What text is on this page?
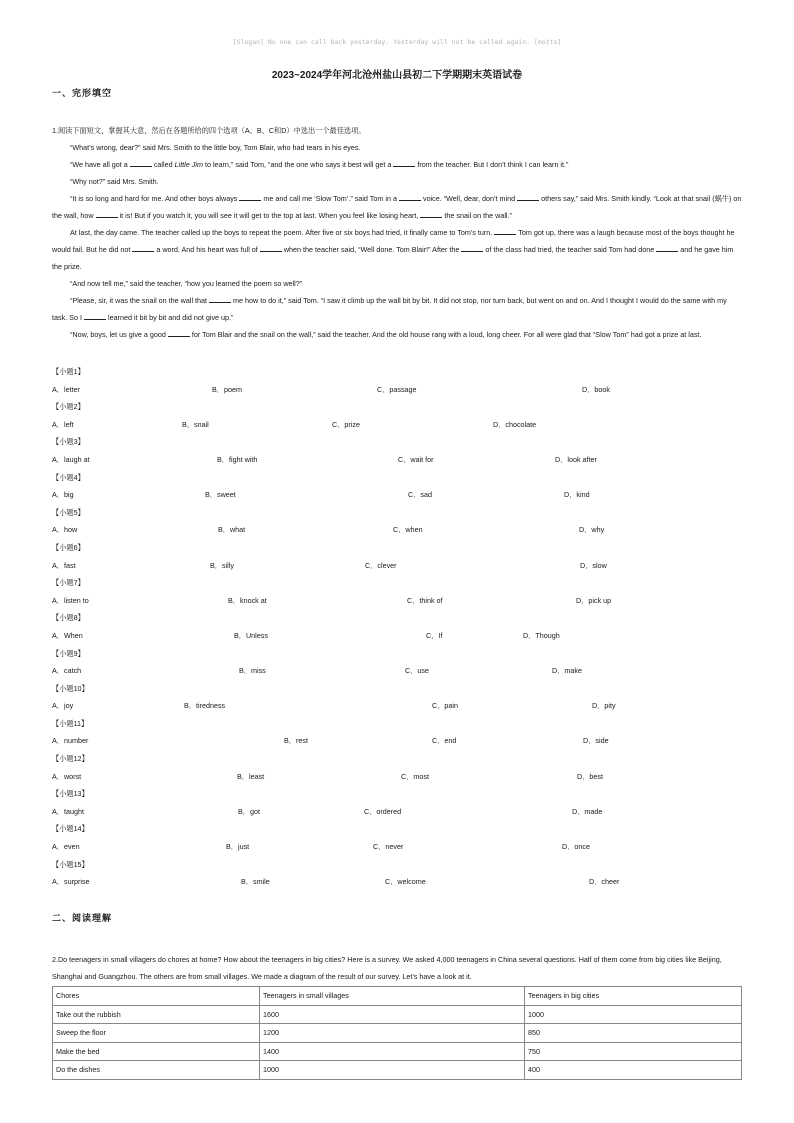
[Slogan] No one can call back yesterday. Yesterday will not be called again. [motto]
2023~2024学年河北沧州盐山县初二下学期期末英语试卷
一、完形填空

1.阅读下面短文，掌握其大意，然后在各题所给的四个选项（A、B、C和D）中选出一个最佳选项。

“What’s wrong, dear?” said Mrs. Smith to the little boy, Tom Blair, who had tears in his eyes.

“We have all got a	called Little Jim to learn,” said Tom, “and the one who says it best will get a	from the teacher. But I don’t think I can learn it.”

“Why not?” said Mrs. Smith.

“It is so long and hard for me. And other boys always	me and call me ‘Slow Tom’.” said Tom in a	voice. “Well, dear, don’t mind	others say,” said Mrs. Smith kindly. “Look at that snail (蜗牛) on the wall, how	it is! But if you watch it, you will see it will get to the top at last. When you feel like losing heart,	the snail on the wall.”

At last, the day came. The teacher called up the boys to repeat the poem. After five or six boys had tried, it finally came to Tom’s turn.	Tom got up, there was a laugh because most of the boys thought he would fail. But he did not	a word. And his heart was full of	when the teacher said, “Well done. Tom Blair!” After the	of the class had tried, the teacher said Tom had done	and he gave him the prize.

“And now tell me,” said the teacher, “how you learned the poem so well?”

“Please, sir, it was the snail on the wall that	me how to do it,” said Tom. “I saw it climb up the wall bit by bit. It did not stop, nor turn back, but went on and on. And I thought I would do the same with my task. So I	learned it bit by bit and did not give up.”

“Now, boys, let us give a good	for Tom Blair and the snail on the wall,” said the teacher. And the old house rang with a loud, long cheer. For all were glad that “Slow Tom” had got a prize at last.

【小题1】
A．letter	B．poem	C．passage	D．book
【小题2】
A．left	B．snail	C．prize	D．chocolate
【小题3】
A．laugh at	B．fight with	C．wait for	D．look after
【小题4】
A．big	B．sweet	C．sad	D．kind
【小题5】
A．how	B．what	C．when	D．why
【小题6】
A．fast	B．silly	C．clever	D．slow
【小题7】
A．listen to	B．knock at	C．think of	D．pick up
【小题8】
A．When	B．Unless	C．If	D．Though
【小题9】
A．catch	B．miss	C．use	D．make
【小题10】
A．joy	B．tiredness	C．pain	D．pity
【小题11】
A．number	B．rest	C．end	D．side
【小题12】
A．worst	B．least	C．most	D．best
【小题13】
A．taught	B．got	C．ordered	D．made
【小题14】
A．even	B．just	C．never	D．once
【小题15】
A．surprise	B．smile	C．welcome	D．cheer
二、阅读理解
2.Do teenagers in small villagers do chores at home? How about the teenagers in big cities? Here is a survey. We asked 4,000 teenagers in China several questions. Half of them come from big cities like Beijing, Shanghai and Guangzhou. The others are from small villages. We made a diagram of the result of our survey. Let’s have a look at it.
Chores	Teenagers in small villages	Teenagers in big cities
Take out the rubbish	1600	1000
Sweep the floor	1200	850
Make the bed	1400	750
Do the dishes	1000	400
